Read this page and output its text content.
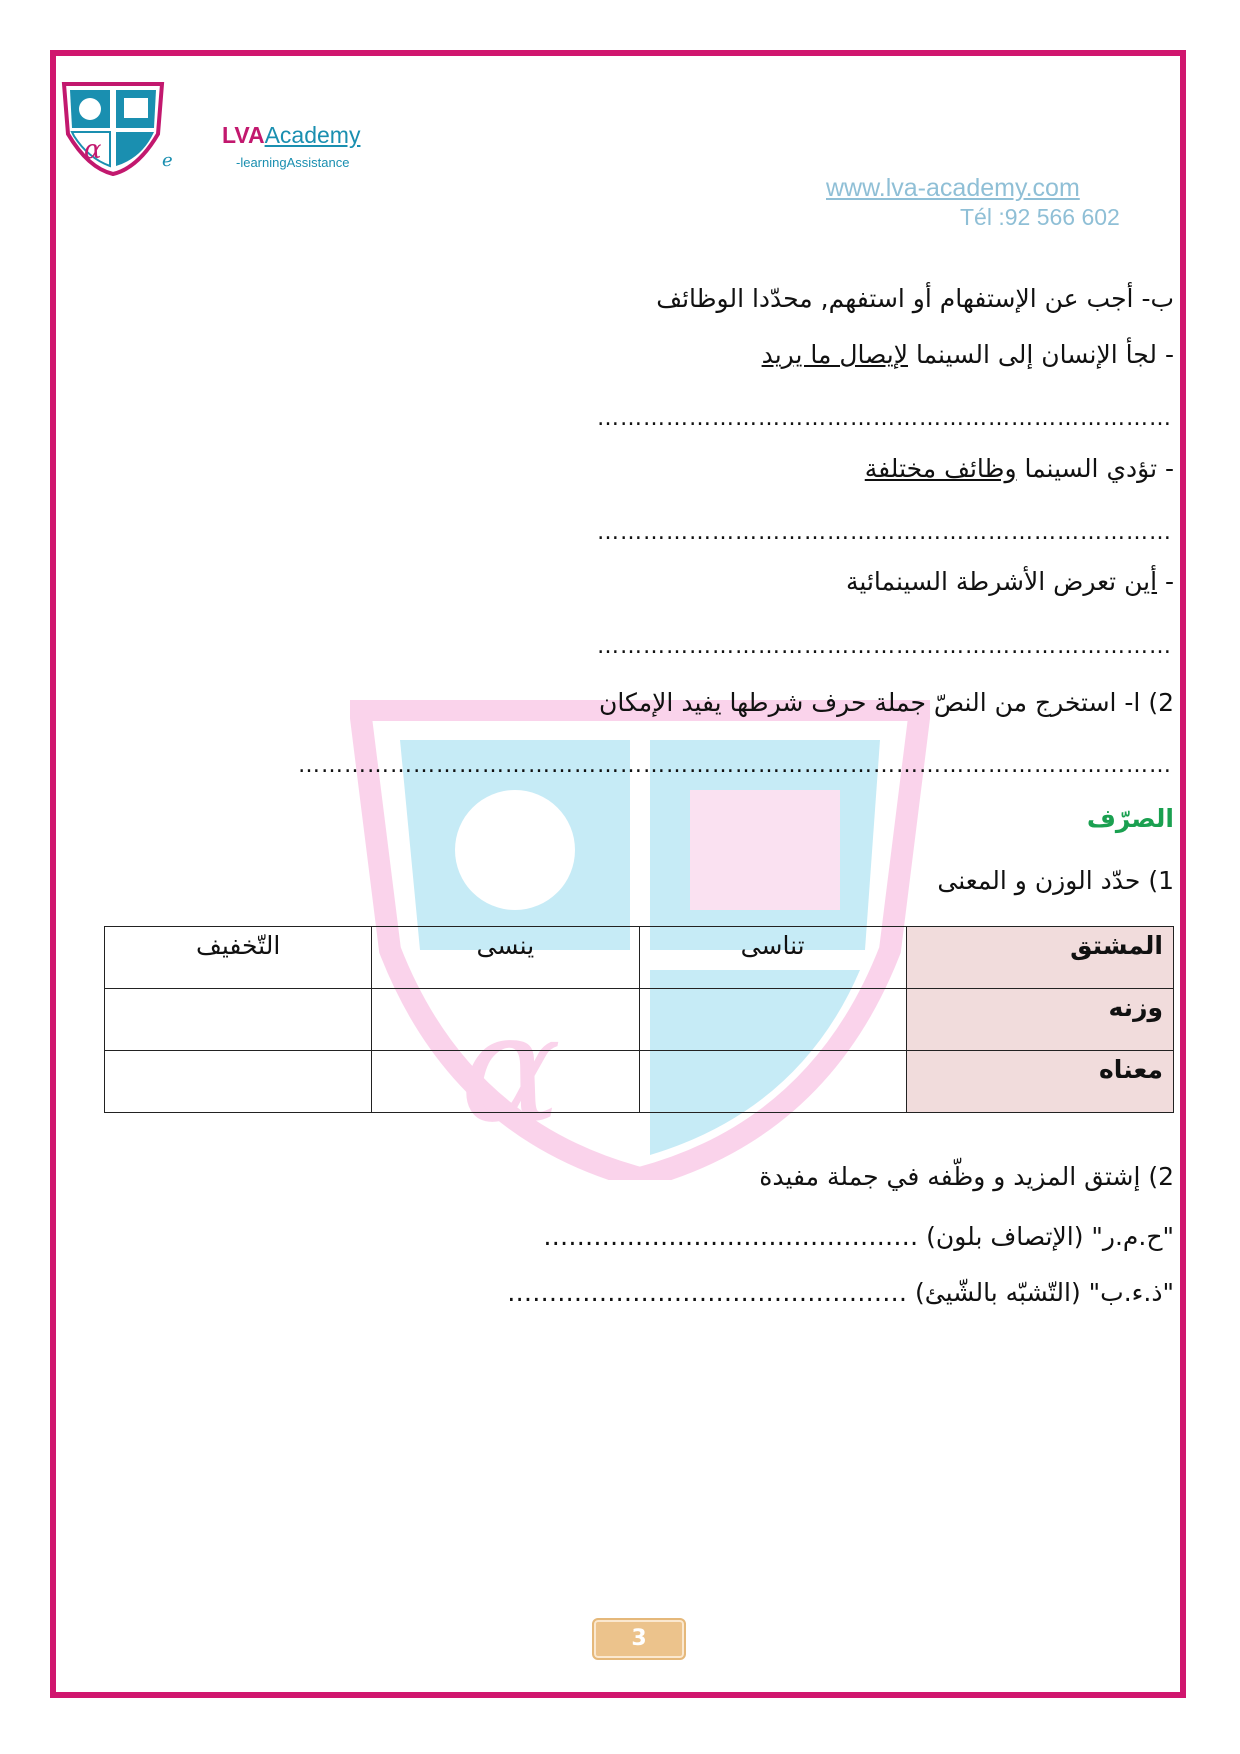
α	LVAAcademy
-learningAssistance
e
www.lva-academy.com
Tél :92 566 602
α
ب- أجب عن الإستفهام أو استفهم, محدّدا الوظائف
- لجأ الإنسان إلى السينما لإيصال ما يريد
…………………………………………………………………
- تؤدي السينما وظائف مختلفة
…………………………………………………………………
- أين تعرض الأشرطة السينمائية
…………………………………………………………………
2) ا- استخرج من النصّ جملة حرف شرطها يفيد الإمكان
……………………………………………………………………………………………………
الصرّف
1) حدّد الوزن و المعنى
المشتق	تناسى	ينسى	التّخفيف
وزنه			
معناه			
2) إشتق المزيد و وظّفه في جملة مفيدة
"ح.م.ر" (الإتصاف بلون) ………………………………………
"ذ.ء.ب" (التّشبّه بالشّيئ) …………………………………………
3
